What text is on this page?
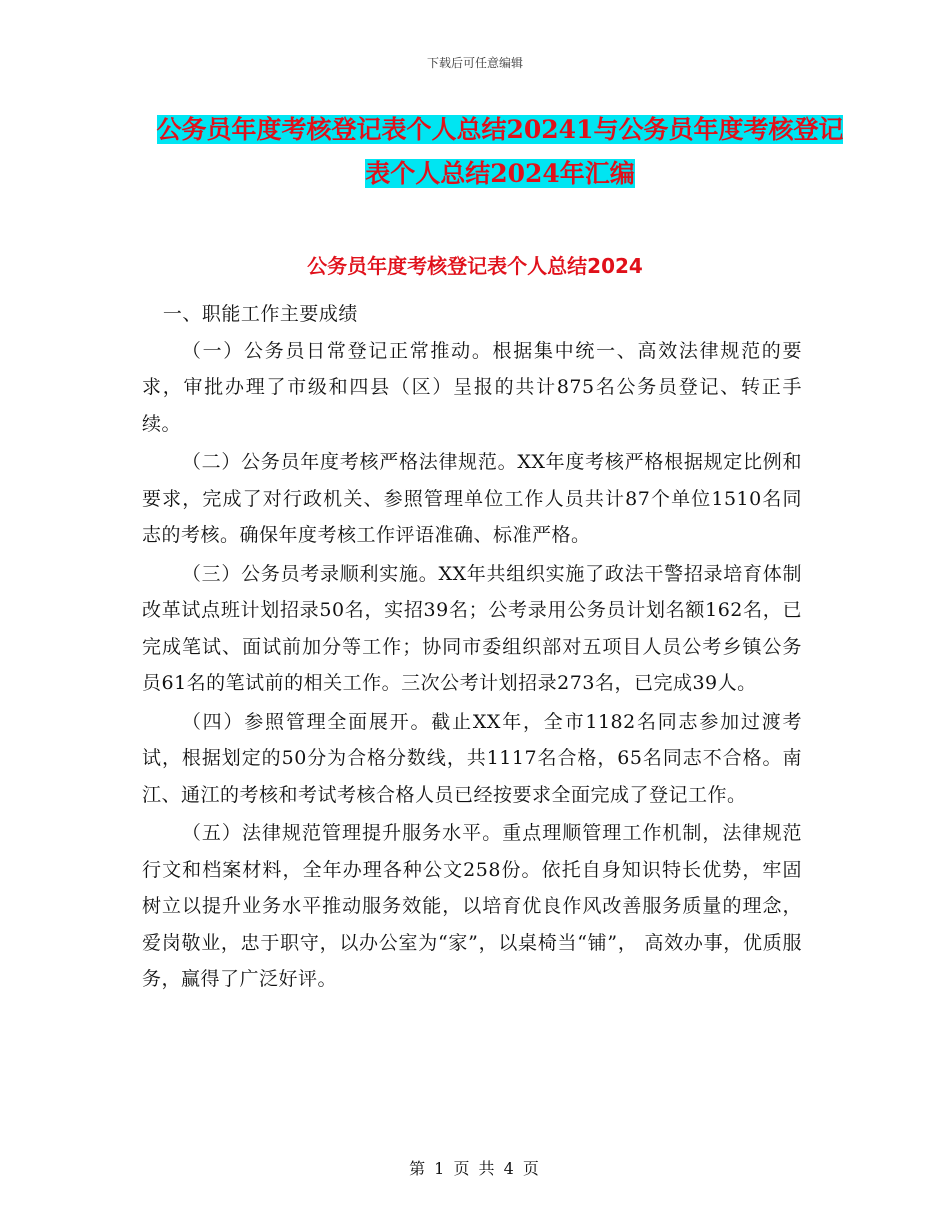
下载后可任意编辑
公务员年度考核登记表个人总结20241与公务员年度考核登记表个人总结2024年汇编
公务员年度考核登记表个人总结2024

一、职能工作主要成绩

（一）公务员日常登记正常推动。根据集中统一、高效法律规范的要求，审批办理了市级和四县（区）呈报的共计875名公务员登记、转正手续。

（二）公务员年度考核严格法律规范。XX年度考核严格根据规定比例和要求，完成了对行政机关、参照管理单位工作人员共计87个单位1510名同志的考核。确保年度考核工作评语准确、标准严格。

（三）公务员考录顺利实施。XX年共组织实施了政法干警招录培育体制改革试点班计划招录50名，实招39名；公考录用公务员计划名额162名，已完成笔试、面试前加分等工作；协同市委组织部对五项目人员公考乡镇公务员61名的笔试前的相关工作。三次公考计划招录273名，已完成39人。

（四）参照管理全面展开。截止XX年，全市1182名同志参加过渡考试，根据划定的50分为合格分数线，共1117名合格，65名同志不合格。南江、通江的考核和考试考核合格人员已经按要求全面完成了登记工作。

（五）法律规范管理提升服务水平。重点理顺管理工作机制，法律规范行文和档案材料，全年办理各种公文258份。依托自身知识特长优势，牢固树立以提升业务水平推动服务效能，以培育优良作风改善服务质量的理念，爱岗敬业，忠于职守，以办公室为“家”，以桌椅当“铺”， 高效办事，优质服务，赢得了广泛好评。

第 1 页 共 4 页
